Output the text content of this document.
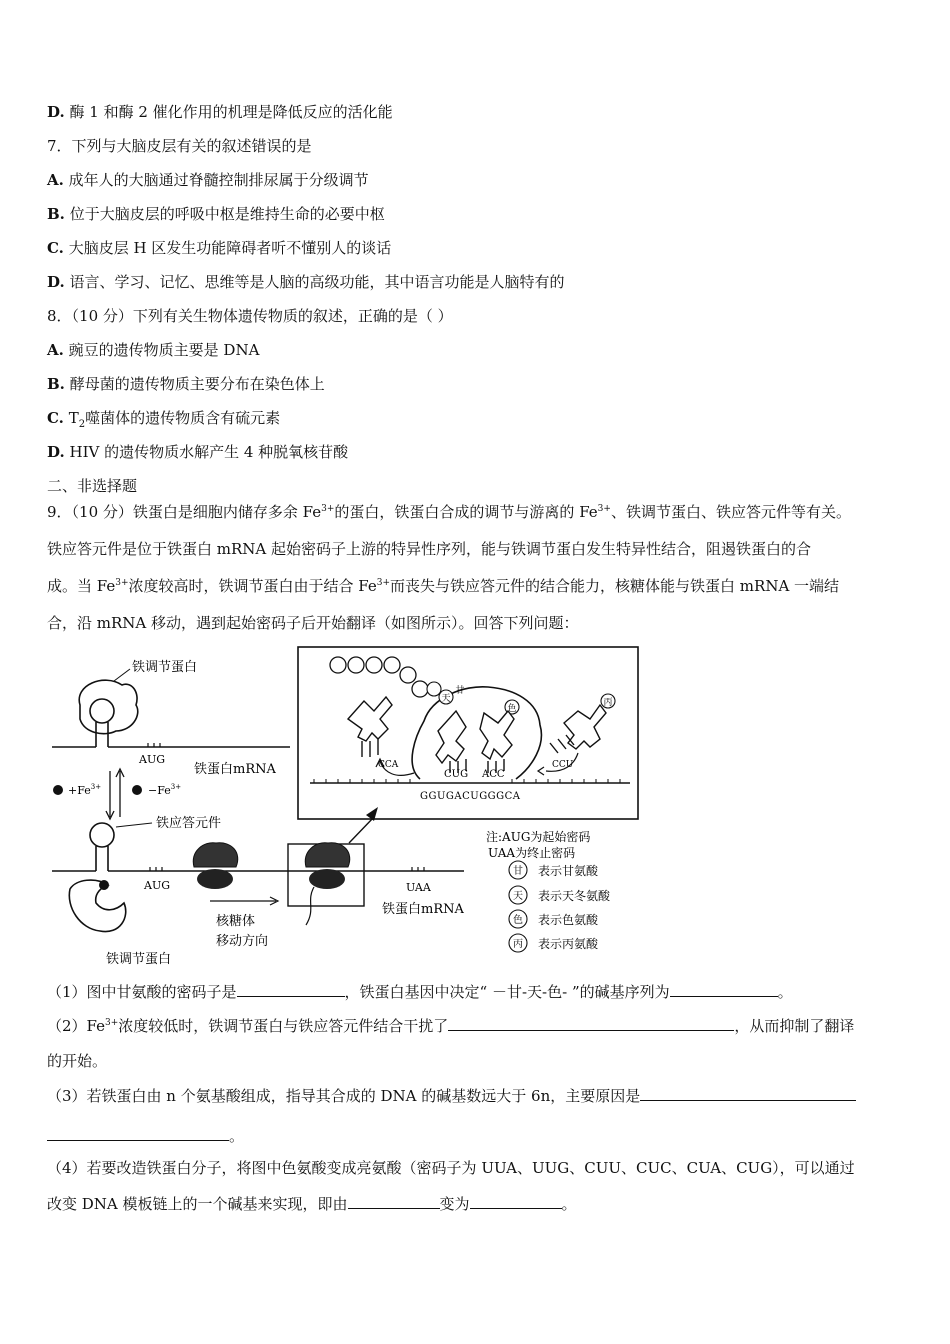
D. 酶 1 和酶 2 催化作用的机理是降低反应的活化能
7．下列与大脑皮层有关的叙述错误的是
A. 成年人的大脑通过脊髓控制排尿属于分级调节
B. 位于大脑皮层的呼吸中枢是维持生命的必要中枢
C. 大脑皮层 H 区发生功能障碍者听不懂别人的谈话
D. 语言、学习、记忆、思维等是人脑的高级功能，其中语言功能是人脑特有的
8．（10 分）下列有关生物体遗传物质的叙述，正确的是（ ）
A. 豌豆的遗传物质主要是 DNA
B. 酵母菌的遗传物质主要分布在染色体上
C. $T_2$噬菌体的遗传物质含有硫元素
D. HIV 的遗传物质水解产生 4 种脱氧核苷酸
二、非选择题
9．（10 分）铁蛋白是细胞内储存多余 $Fe^{3+}$的蛋白，铁蛋白合成的调节与游离的 $Fe^{3+}$、铁调节蛋白、铁应答元件等有关。
铁应答元件是位于铁蛋白 mRNA 起始密码子上游的特异性序列，能与铁调节蛋白发生特异性结合，阻遏铁蛋白的合
成。当 $Fe^{3+}$浓度较高时，铁调节蛋白由于结合 $Fe^{3+}$而丧失与铁应答元件的结合能力，核糖体能与铁蛋白 mRNA 一端结
合，沿 mRNA 移动，遇到起始密码子后开始翻译（如图所示）。回答下列问题：
铁调节蛋白
AUG
铁蛋白mRNA
$+Fe^{3+}$	$-Fe^{3+}$
铁应答元件
AUG	UAA
铁蛋白mRNA
核糖体
移动方向
铁调节蛋白
GGUGACUGGGCA
甘
天
色
丙
CCA
CUG ACC
CCU
注:AUG为起始密码
UAA为终止密码
甘
天
色
丙
表示甘氨酸
表示天冬氨酸
表示色氨酸
表示丙氨酸
（1）图中甘氨酸的密码子是	，铁蛋白基因中决定“ －甘-天-色- ”的碱基序列为	。
$(2)Fe^{3+}$浓度较低时，铁调节蛋白与铁应答元件结合干扰了	，从而抑制了翻译
的开始。
（3）若铁蛋白由 n 个氨基酸组成，指导其合成的 DNA 的碱基数远大于 6n，主要原因是
。
（4）若要改造铁蛋白分子，将图中色氨酸变成亮氨酸（密码子为 UUA、UUG、CUU、CUC、CUA、CUG），可以通过
改变 DNA 模板链上的一个碱基来实现，即由	变为	。
